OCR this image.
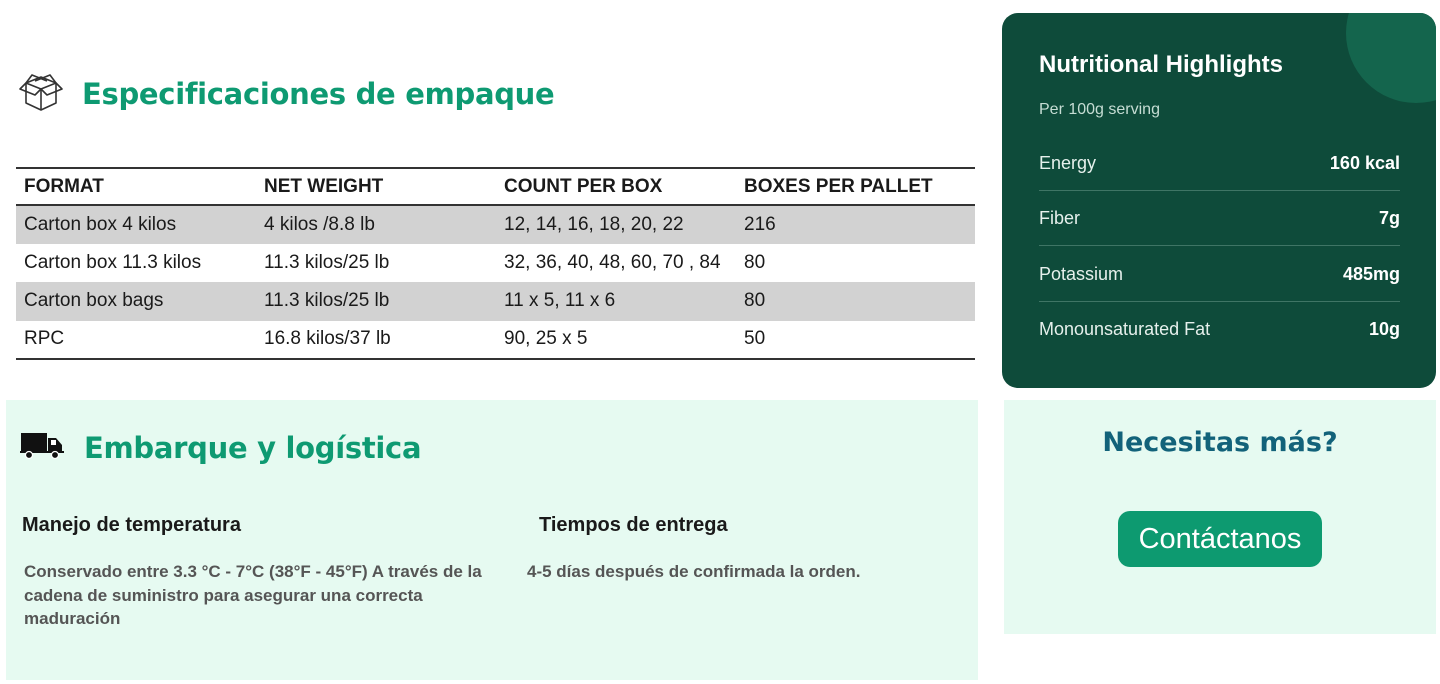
Especificaciones de empaque
FORMAT	NET WEIGHT	COUNT PER BOX	BOXES PER PALLET
Carton box 4 kilos	4 kilos /8.8 lb	12, 14, 16, 18, 20, 22	216
Carton box 11.3 kilos	11.3 kilos/25 lb	32, 36, 40, 48, 60, 70 , 84	80
Carton box bags	11.3 kilos/25 lb	11 x 5, 11 x 6	80
RPC	16.8 kilos/37 lb	90, 25 x 5	50
Embarque y logística
Manejo de temperatura

Conservado entre 3.3 °C - 7°C (38°F - 45°F) A través de la cadena de suministro para asegurar una correcta maduración

Tiempos de entrega

4-5 días después de confirmada la orden.

Nutritional Highlights

Per 100g serving

Energy	160 kcal
Fiber	7g
Potassium	485mg
Monounsaturated Fat	10g
Necesitas más?
Contáctanos
